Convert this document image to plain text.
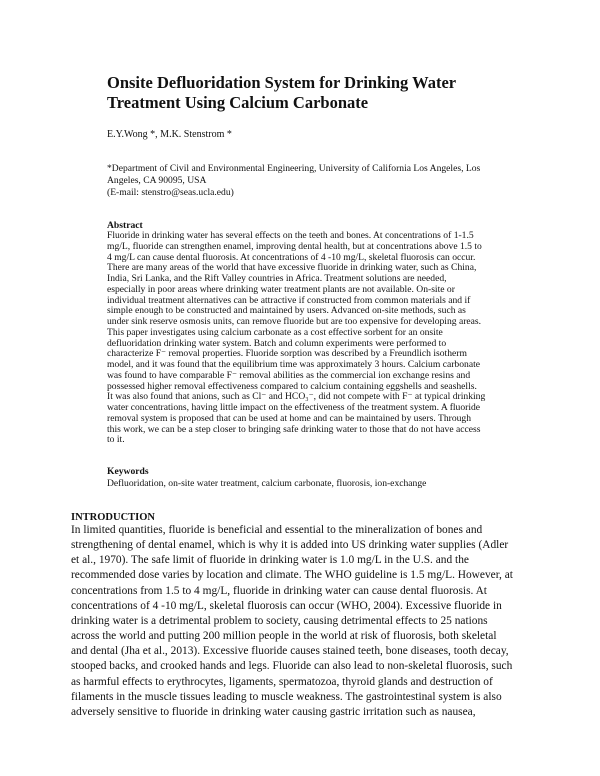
Onsite Defluoridation System for Drinking Water
Treatment Using Calcium Carbonate
E.Y.Wong *, M.K. Stenstrom *
*Department of Civil and Environmental Engineering, University of California Los Angeles, Los
Angeles, CA 90095, USA
(E-mail: stenstro@seas.ucla.edu)
Abstract
Fluoride in drinking water has several effects on the teeth and bones. At concentrations of 1-1.5
mg/L, fluoride can strengthen enamel, improving dental health, but at concentrations above 1.5 to
4 mg/L can cause dental fluorosis. At concentrations of 4 -10 mg/L, skeletal fluorosis can occur.
There are many areas of the world that have excessive fluoride in drinking water, such as China,
India, Sri Lanka, and the Rift Valley countries in Africa. Treatment solutions are needed,
especially in poor areas where drinking water treatment plants are not available. On-site or
individual treatment alternatives can be attractive if constructed from common materials and if
simple enough to be constructed and maintained by users. Advanced on-site methods, such as
under sink reserve osmosis units, can remove fluoride but are too expensive for developing areas.
This paper investigates using calcium carbonate as a cost effective sorbent for an onsite
defluoridation drinking water system. Batch and column experiments were performed to
characterize F⁻ removal properties. Fluoride sorption was described by a Freundlich isotherm
model, and it was found that the equilibrium time was approximately 3 hours. Calcium carbonate
was found to have comparable F⁻ removal abilities as the commercial ion exchange resins and
possessed higher removal effectiveness compared to calcium containing eggshells and seashells.
It was also found that anions, such as Cl⁻ and HCO₃⁻, did not compete with F⁻ at typical drinking
water concentrations, having little impact on the effectiveness of the treatment system. A fluoride
removal system is proposed that can be used at home and can be maintained by users. Through
this work, we can be a step closer to bringing safe drinking water to those that do not have access
to it.
Keywords
Defluoridation, on-site water treatment, calcium carbonate, fluorosis, ion-exchange
INTRODUCTION
In limited quantities, fluoride is beneficial and essential to the mineralization of bones and
strengthening of dental enamel, which is why it is added into US drinking water supplies (Adler
et al., 1970). The safe limit of fluoride in drinking water is 1.0 mg/L in the U.S. and the
recommended dose varies by location and climate. The WHO guideline is 1.5 mg/L. However, at
concentrations from 1.5 to 4 mg/L, fluoride in drinking water can cause dental fluorosis. At
concentrations of 4 -10 mg/L, skeletal fluorosis can occur (WHO, 2004). Excessive fluoride in
drinking water is a detrimental problem to society, causing detrimental effects to 25 nations
across the world and putting 200 million people in the world at risk of fluorosis, both skeletal
and dental (Jha et al., 2013). Excessive fluoride causes stained teeth, bone diseases, tooth decay,
stooped backs, and crooked hands and legs. Fluoride can also lead to non-skeletal fluorosis, such
as harmful effects to erythrocytes, ligaments, spermatozoa, thyroid glands and destruction of
filaments in the muscle tissues leading to muscle weakness. The gastrointestinal system is also
adversely sensitive to fluoride in drinking water causing gastric irritation such as nausea,
